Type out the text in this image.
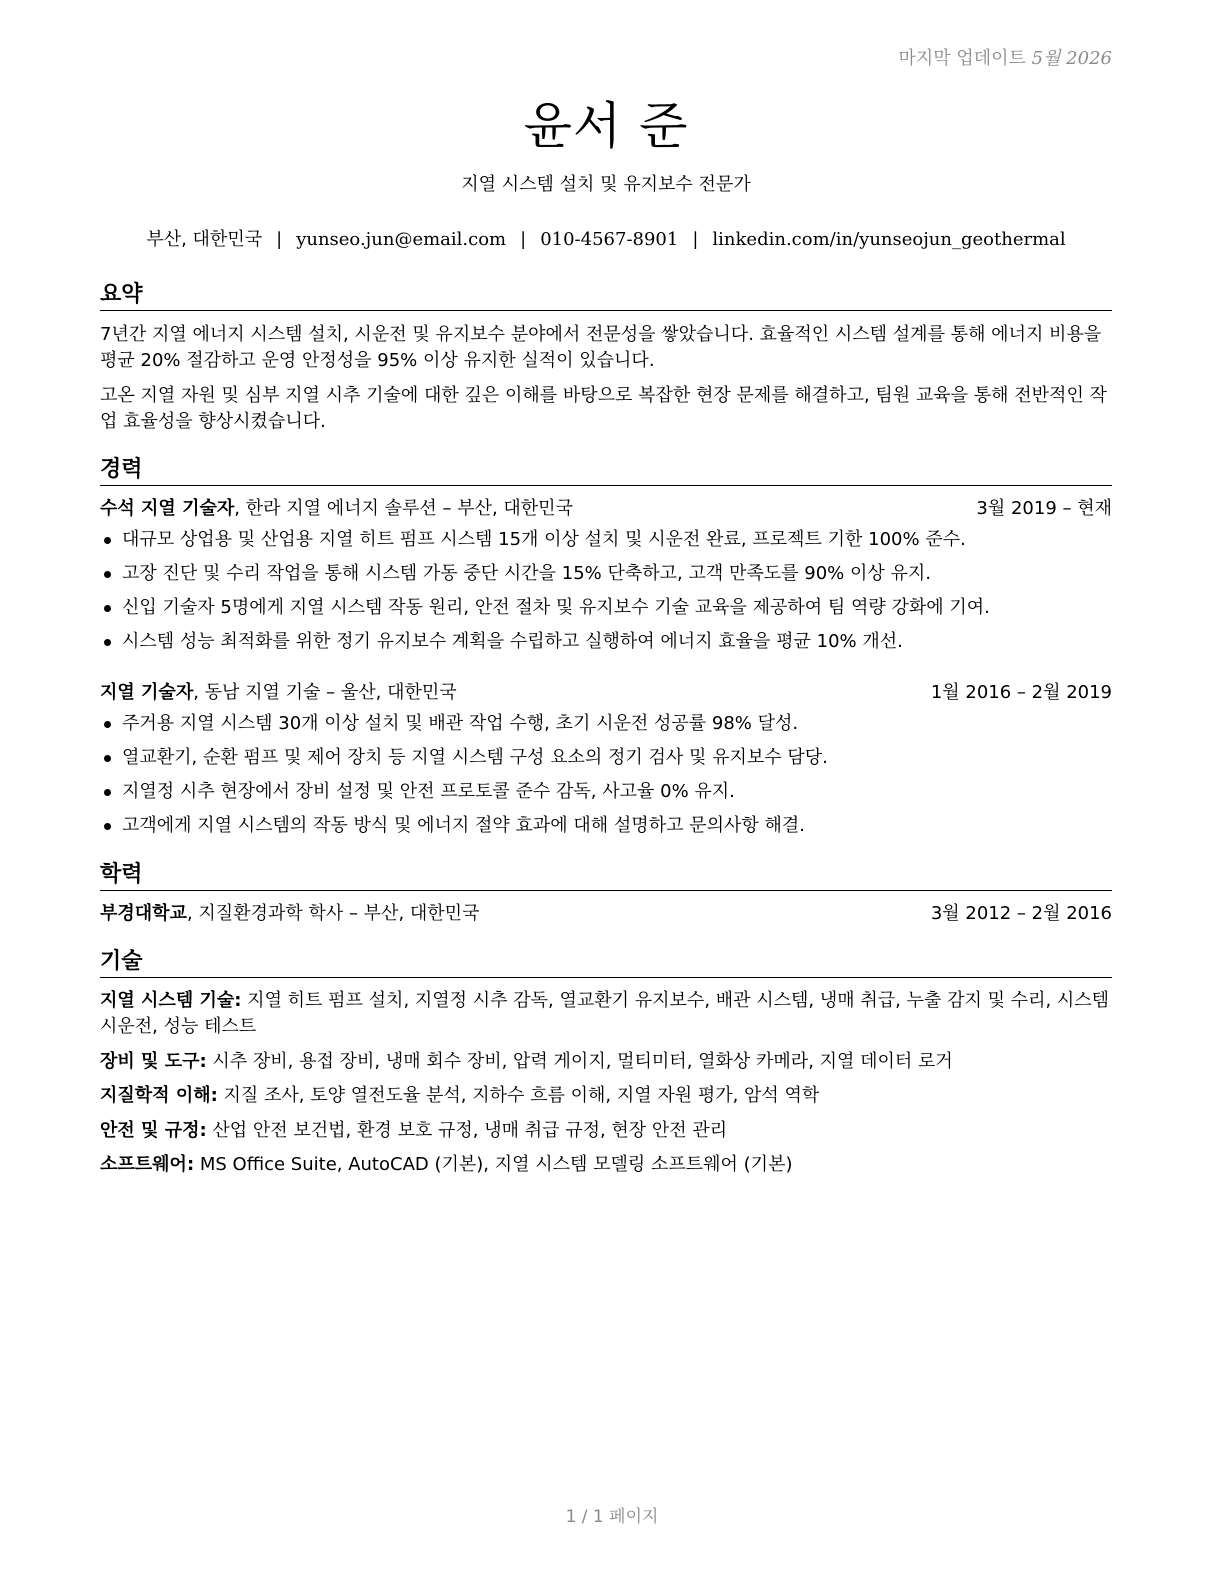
마지막 업데이트 5월 2026
윤서 준
지열 시스템 설치 및 유지보수 전문가
부산, 대한민국 | yunseo.jun@email.com | 010-4567-8901 | linkedin.com/in/yunseojun_geothermal
요약

7년간 지열 에너지 시스템 설치, 시운전 및 유지보수 분야에서 전문성을 쌓았습니다. 효율적인 시스템 설계를 통해 에너지 비용을 평균 20% 절감하고 운영 안정성을 95% 이상 유지한 실적이 있습니다.

고온 지열 자원 및 심부 지열 시추 기술에 대한 깊은 이해를 바탕으로 복잡한 현장 문제를 해결하고, 팀원 교육을 통해 전반적인 작업 효율성을 향상시켰습니다.

경력
수석 지열 기술자, 한라 지열 에너지 솔루션 – 부산, 대한민국	3월 2019 – 현재
대규모 상업용 및 산업용 지열 히트 펌프 시스템 15개 이상 설치 및 시운전 완료, 프로젝트 기한 100% 준수.
고장 진단 및 수리 작업을 통해 시스템 가동 중단 시간을 15% 단축하고, 고객 만족도를 90% 이상 유지.
신입 기술자 5명에게 지열 시스템 작동 원리, 안전 절차 및 유지보수 기술 교육을 제공하여 팀 역량 강화에 기여.
시스템 성능 최적화를 위한 정기 유지보수 계획을 수립하고 실행하여 에너지 효율을 평균 10% 개선.
지열 기술자, 동남 지열 기술 – 울산, 대한민국	1월 2016 – 2월 2019
주거용 지열 시스템 30개 이상 설치 및 배관 작업 수행, 초기 시운전 성공률 98% 달성.
열교환기, 순환 펌프 및 제어 장치 등 지열 시스템 구성 요소의 정기 검사 및 유지보수 담당.
지열정 시추 현장에서 장비 설정 및 안전 프로토콜 준수 감독, 사고율 0% 유지.
고객에게 지열 시스템의 작동 방식 및 에너지 절약 효과에 대해 설명하고 문의사항 해결.
학력
부경대학교, 지질환경과학 학사 – 부산, 대한민국	3월 2012 – 2월 2016
기술
지열 시스템 기술: 지열 히트 펌프 설치, 지열정 시추 감독, 열교환기 유지보수, 배관 시스템, 냉매 취급, 누출 감지 및 수리, 시스템 시운전, 성능 테스트
장비 및 도구: 시추 장비, 용접 장비, 냉매 회수 장비, 압력 게이지, 멀티미터, 열화상 카메라, 지열 데이터 로거
지질학적 이해: 지질 조사, 토양 열전도율 분석, 지하수 흐름 이해, 지열 자원 평가, 암석 역학
안전 및 규정: 산업 안전 보건법, 환경 보호 규정, 냉매 취급 규정, 현장 안전 관리
소프트웨어: MS Office Suite, AutoCAD (기본), 지열 시스템 모델링 소프트웨어 (기본)
1 / 1 페이지
